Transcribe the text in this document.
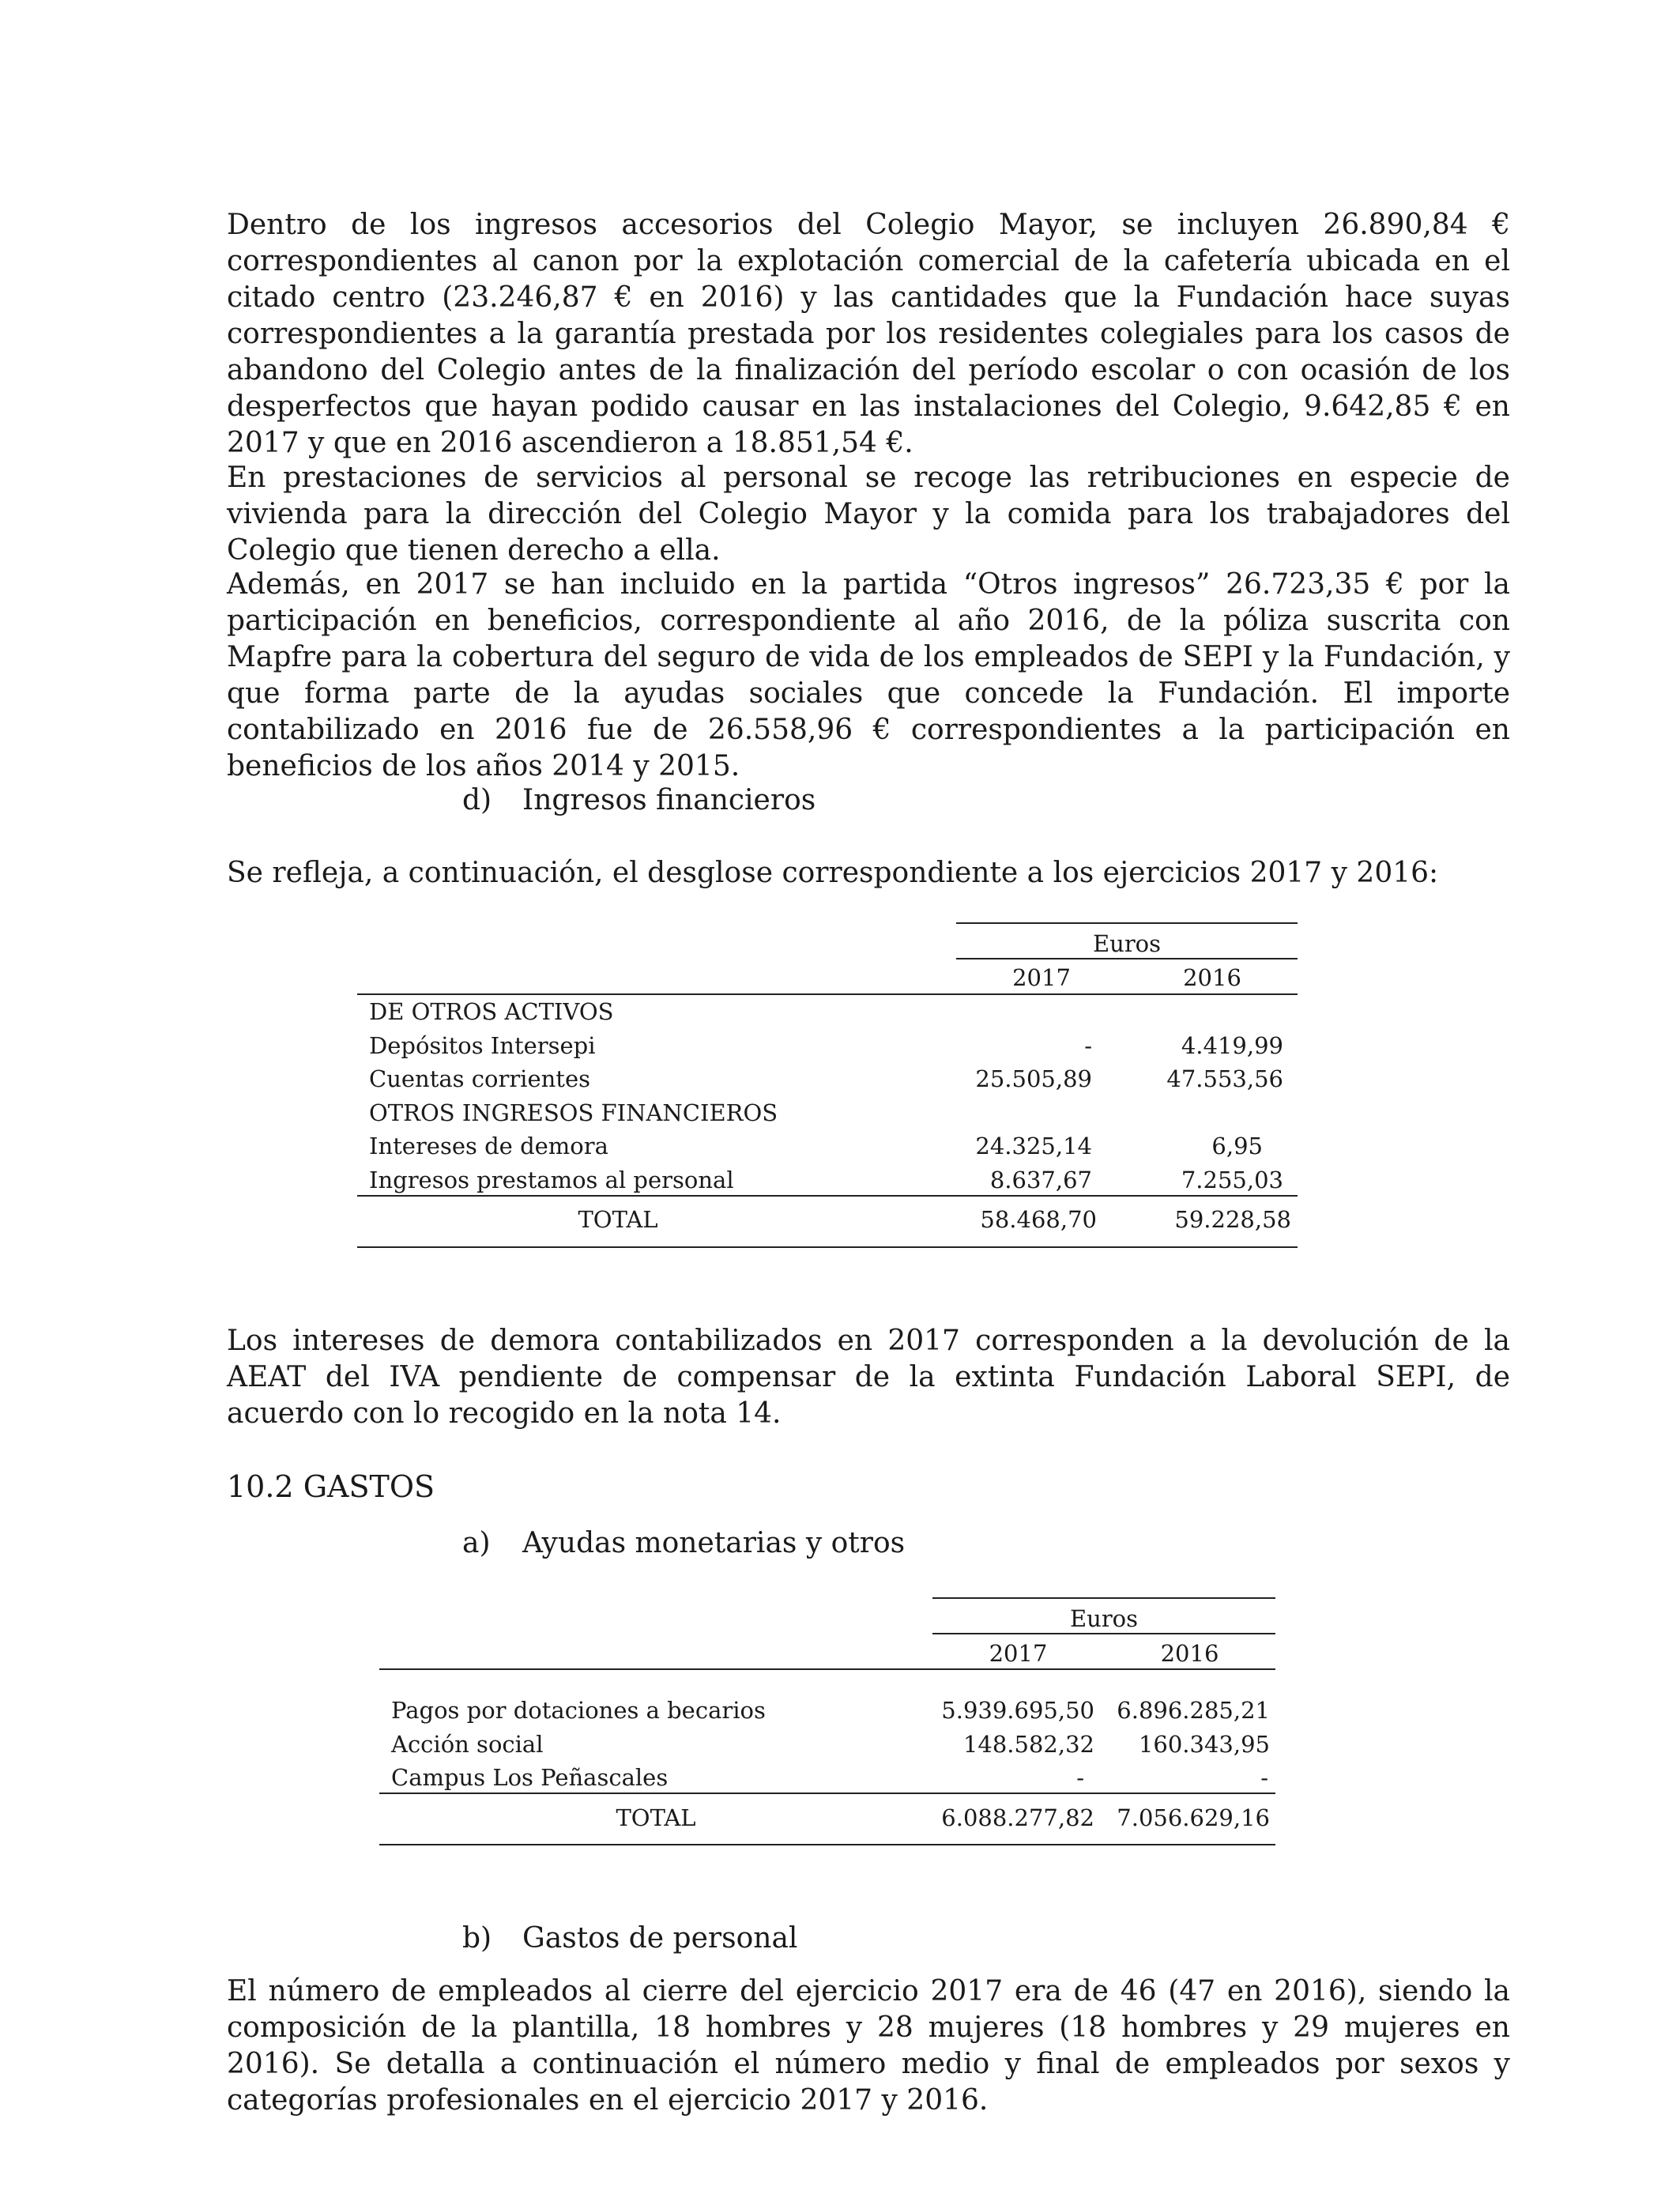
Dentro de los ingresos accesorios del Colegio Mayor, se incluyen 26.890,84 € correspondientes al canon por la explotación comercial de la cafetería ubicada en el citado centro (23.246,87 € en 2016) y las cantidades que la Fundación hace suyas correspondientes a la garantía prestada por los residentes colegiales para los casos de abandono del Colegio antes de la finalización del período escolar o con ocasión de los desperfectos que hayan podido causar en las instalaciones del Colegio, 9.642,85 € en 2017 y que en 2016 ascendieron a 18.851,54 €.

En prestaciones de servicios al personal se recoge las retribuciones en especie de vivienda para la dirección del Colegio Mayor y la comida para los trabajadores del Colegio que tienen derecho a ella.

Además, en 2017 se han incluido en la partida “Otros ingresos” 26.723,35 € por la participación en beneficios, correspondiente al año 2016, de la póliza suscrita con Mapfre para la cobertura del seguro de vida de los empleados de SEPI y la Fundación, y que forma parte de la ayudas sociales que concede la Fundación. El importe contabilizado en 2016 fue de 26.558,96 € correspondientes a la participación en beneficios de los años 2014 y 2015.

d) Ingresos financieros

Se refleja, a continuación, el desglose correspondiente a los ejercicios 2017 y 2016:

Euros
2017	2016
DE OTROS ACTIVOS
Depósitos Intersepi	-	4.419,99
Cuentas corrientes	25.505,89	47.553,56
OTROS INGRESOS FINANCIEROS
Intereses de demora	24.325,14	6,95
Ingresos prestamos al personal	8.637,67	7.255,03
TOTAL	58.468,70	59.228,58

Los intereses de demora contabilizados en 2017 corresponden a la devolución de la AEAT del IVA pendiente de compensar de la extinta Fundación Laboral SEPI, de acuerdo con lo recogido en la nota 14.

10.2 GASTOS

a) Ayudas monetarias y otros

Euros
2017	2016
Pagos por dotaciones a becarios	5.939.695,50 6.896.285,21
Acción social	148.582,32	160.343,95
Campus Los Peñascales	-	-
TOTAL	6.088.277,82 7.056.629,16

b) Gastos de personal

El número de empleados al cierre del ejercicio 2017 era de 46 (47 en 2016), siendo la composición de la plantilla, 18 hombres y 28 mujeres (18 hombres y 29 mujeres en 2016). Se detalla a continuación el número medio y final de empleados por sexos y categorías profesionales en el ejercicio 2017 y 2016.
